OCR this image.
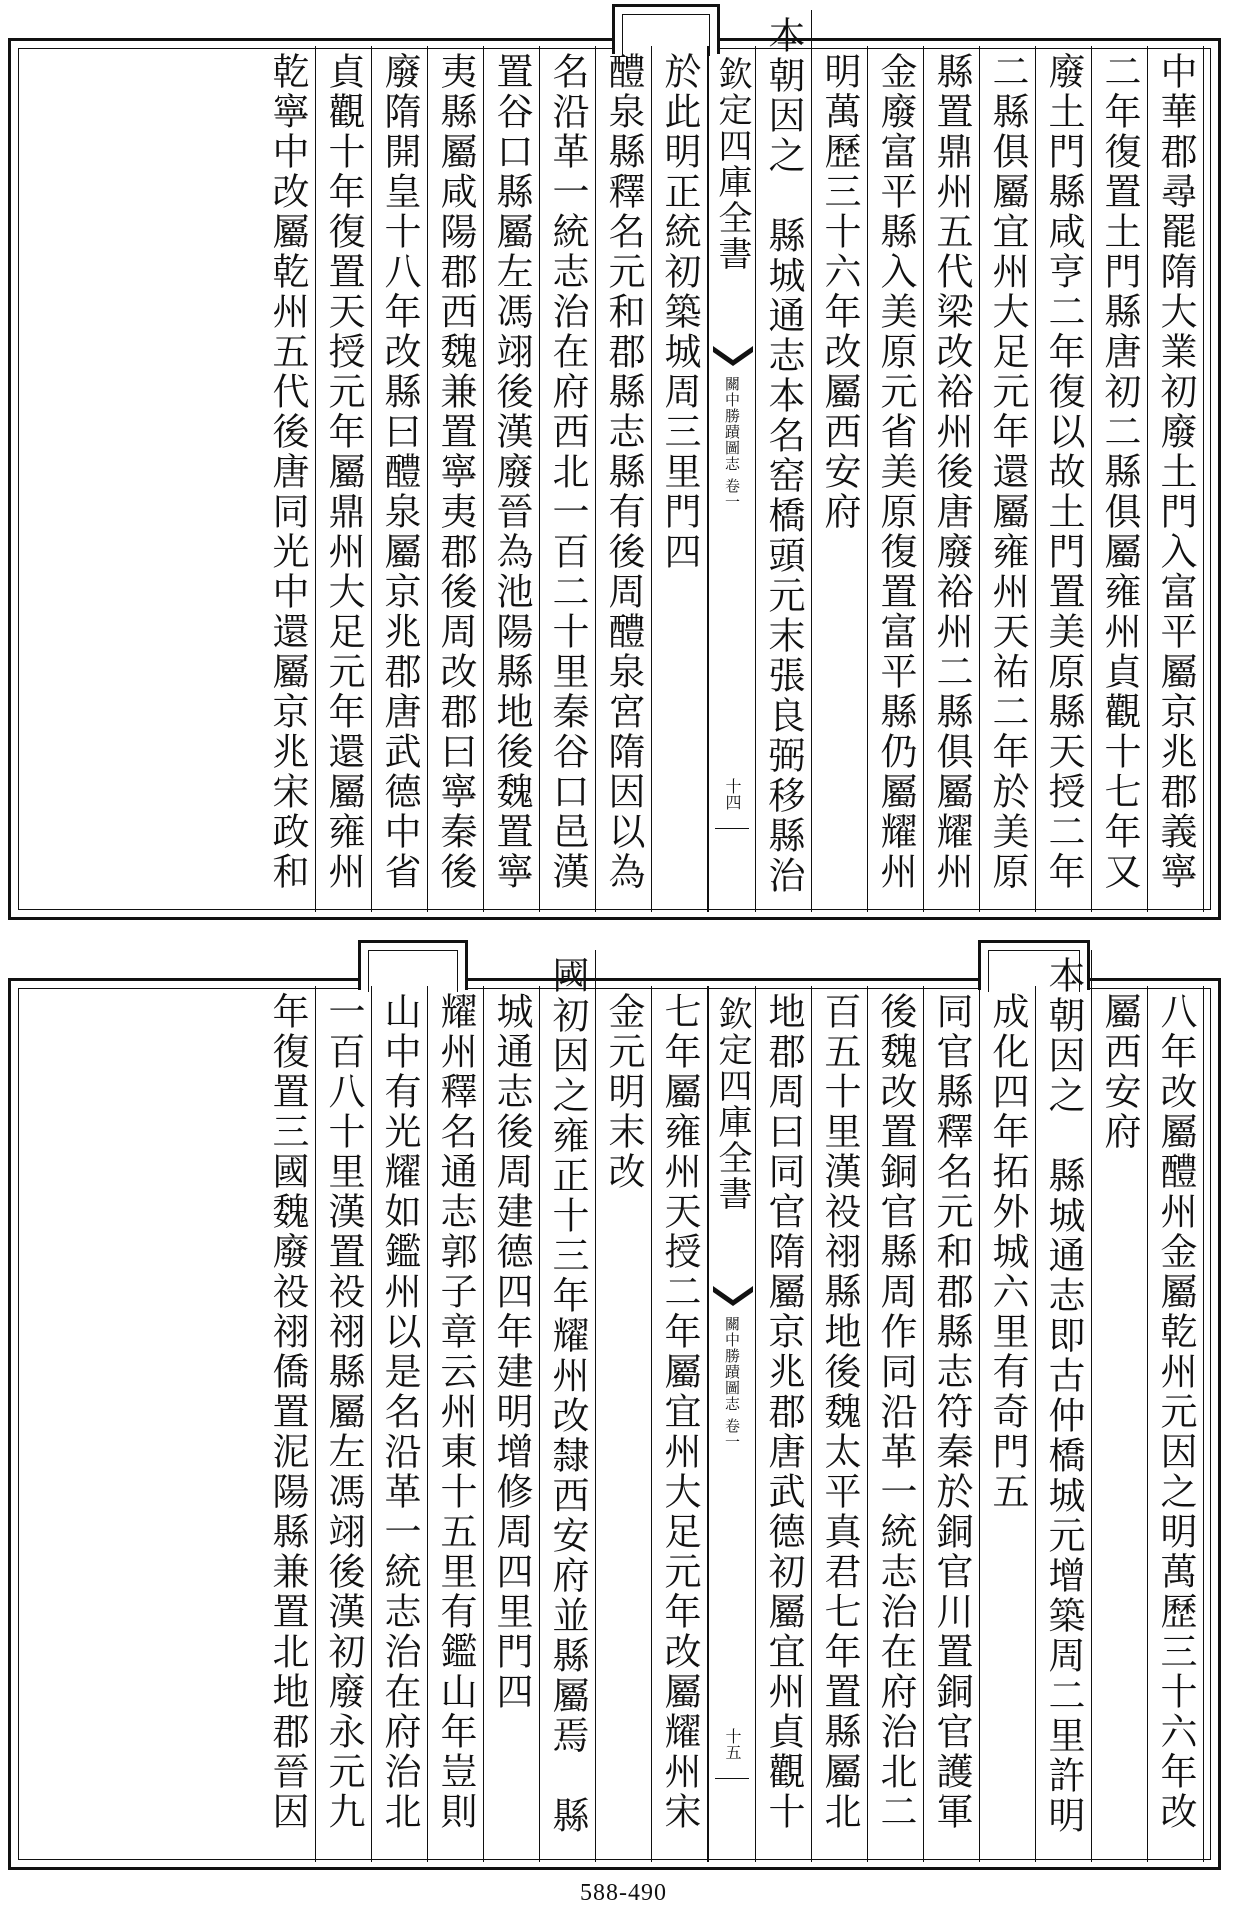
中華郡尋罷隋大業初廢土門入富平屬京兆郡義寧
二年復置土門縣唐初二縣俱屬雍州貞觀十七年又
廢土門縣咸亨二年復以故土門置美原縣天授二年
二縣俱屬宜州大足元年還屬雍州天祐二年於美原
縣置鼎州五代梁改裕州後唐廢裕州二縣俱屬耀州
金廢富平縣入美原元省美原復置富平縣仍屬耀州
明萬歷三十六年改屬西安府
本朝因之　縣城通志本名窑橋頭元末張良弼移縣治
欽定四庫全書
關中勝蹟圖志 卷一
十四
於此明正統初築城周三里門四
醴泉縣釋名元和郡縣志縣有後周醴泉宮隋因以為
名沿革一統志治在府西北一百二十里秦谷口邑漢
置谷口縣屬左馮翊後漢廢晉為池陽縣地後魏置寧
夷縣屬咸陽郡西魏兼置寧夷郡後周改郡曰寧秦後
廢隋開皇十八年改縣曰醴泉屬京兆郡唐武德中省
貞觀十年復置天授元年屬鼎州大足元年還屬雍州
乾寧中改屬乾州五代後唐同光中還屬京兆宋政和
八年改屬醴州金屬乾州元因之明萬歷三十六年改
屬西安府
本朝因之　縣城通志即古仲橋城元增築周二里許明
成化四年拓外城六里有奇門五
同官縣釋名元和郡縣志符秦於銅官川置銅官護軍
後魏改置銅官縣周作同沿革一統志治在府治北二
百五十里漢祋祤縣地後魏太平真君七年置縣屬北
地郡周曰同官隋屬京兆郡唐武德初屬宜州貞觀十
欽定四庫全書
關中勝蹟圖志 卷一
十五
七年屬雍州天授二年屬宜州大足元年改屬耀州宋
金元明末改
國初因之雍正十三年耀州改隸西安府並縣屬焉　縣
城通志後周建德四年建明增修周四里門四
耀州釋名通志郭子章云州東十五里有鑑山年豈則
山中有光耀如鑑州以是名沿革一統志治在府治北
一百八十里漢置祋祤縣屬左馮翊後漢初廢永元九
年復置三國魏廢祋祤僑置泥陽縣兼置北地郡晉因
588-490
